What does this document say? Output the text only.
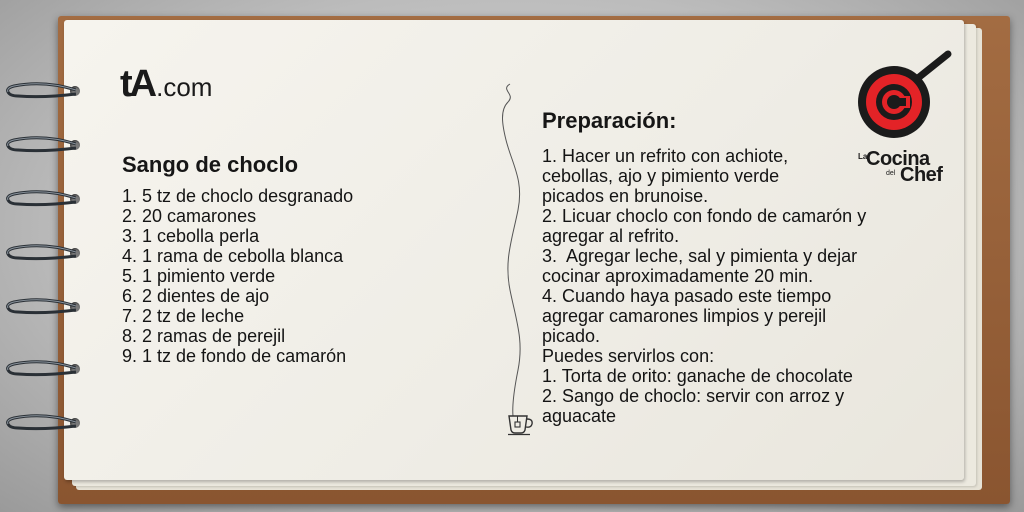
tA .com
Sango de choclo
1. 5 tz de choclo desgranado
2. 20 camarones
3. 1 cebolla perla
4. 1 rama de cebolla blanca
5. 1 pimiento verde
6. 2 dientes de ajo
7. 2 tz de leche
8. 2 ramas de perejil
9. 1 tz de fondo de camarón
Preparación:
1. Hacer un refrito con achiote,
cebollas, ajo y pimiento verde
picados en brunoise.
2. Licuar choclo con fondo de camarón y
agregar al refrito.
3.  Agregar leche, sal y pimienta y dejar
cocinar aproximadamente 20 min.
4. Cuando haya pasado este tiempo
agregar camarones limpios y perejil
picado.
Puedes servirlos con:
1. Torta de orito: ganache de chocolate
2. Sango de choclo: servir con arroz y
aguacate
La
Cocina
del Chef
